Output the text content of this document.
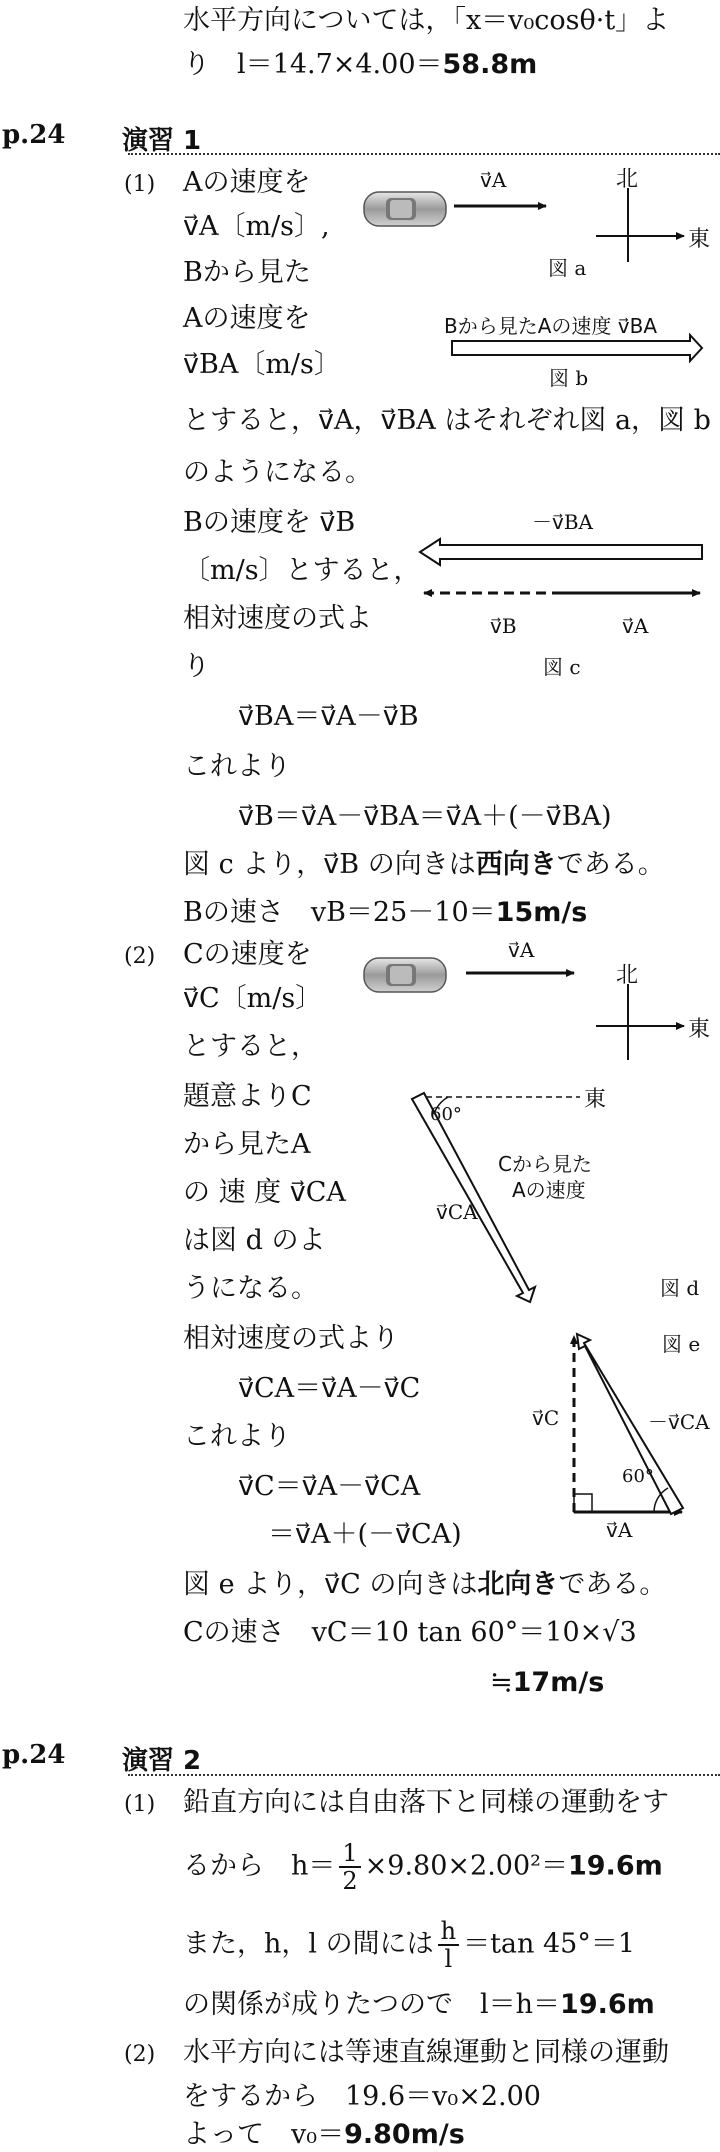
水平方向については，「x＝v₀cosθ·t」よ
り　l＝14.7×4.00＝58.8m
p.24 演習 1
(1) Aの速度を
v⃗A〔m/s〕,
Bから見た
Aの速度を
v⃗BA〔m/s〕
とすると，v⃗A，v⃗BA はそれぞれ図 a，図 b
のようになる。
Bの速度を v⃗B
〔m/s〕とすると，
相対速度の式よ
り
v⃗BA＝v⃗A－v⃗B
これより
v⃗B＝v⃗A－v⃗BA＝v⃗A＋(－v⃗BA)
図 c より，v⃗B の向きは西向きである。
Bの速さ　vB＝25－10＝15m/s
v⃗A	北
東
図 a
Bから見たAの速度 v⃗BA
図 b
－v⃗BA
v⃗B	v⃗A
図 c
(2) Cの速度を
v⃗C〔m/s〕
とすると，
題意よりC
から見たA
の 速 度 v⃗CA
は図 d のよ
うになる。
相対速度の式より
v⃗CA＝v⃗A－v⃗C
これより
v⃗C＝v⃗A－v⃗CA
＝v⃗A＋(－v⃗CA)
図 e より，v⃗C の向きは北向きである。
Cの速さ　vC＝10 tan 60°＝10×√3
≒17m/s
v⃗A
北
東
東
60°
Cから見た
Aの速度
v⃗CA
図 d
図 e
v⃗C	－v⃗CA
60°
v⃗A
p.24 演習 2
(1) 鉛直方向には自由落下と同様の運動をす
るから　$h= \frac{1}{2} \times 9.80\times 2.00^2=19.6m$
また，h，l の間には $\frac{h}{l} =\tan$ 45°＝1
の関係が成りたつので　l＝h＝19.6m
(2) 水平方向には等速直線運動と同様の運動
をするから　19.6＝v₀×2.00
よって　v₀＝9.80m/s
